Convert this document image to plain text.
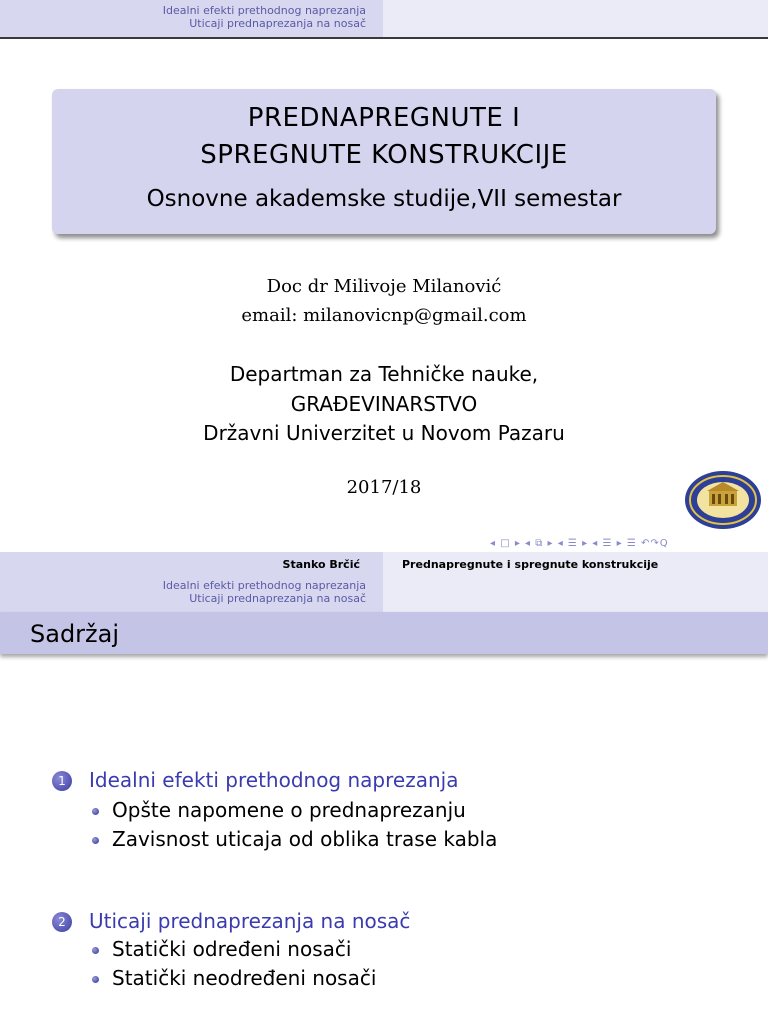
Idealni efekti prethodnog naprezanja
Uticaji prednaprezanja na nosač
PREDNAPREGNUTE I
SPREGNUTE KONSTRUKCIJE
Osnovne akademske studije,VII semestar
Doc dr Milivoje Milanović
email: milanovicnp@gmail.com
Departman za Tehničke nauke,
GRAĐEVINARSTVO
Državni Univerzitet u Novom Pazaru
2017/18
◂ □ ▸ ◂ ⧉ ▸ ◂ ☰ ▸ ◂ ☰ ▸ ☰ ↶↷Q
Stanko Brčić	Prednapregnute i spregnute konstrukcije
Idealni efekti prethodnog naprezanja
Uticaji prednaprezanja na nosač
Sadržaj
1	Idealni efekti prethodnog naprezanja
Opšte napomene o prednaprezanju
Zavisnost uticaja od oblika trase kabla
2	Uticaji prednaprezanja na nosač
Statički određeni nosači
Statički neodređeni nosači
